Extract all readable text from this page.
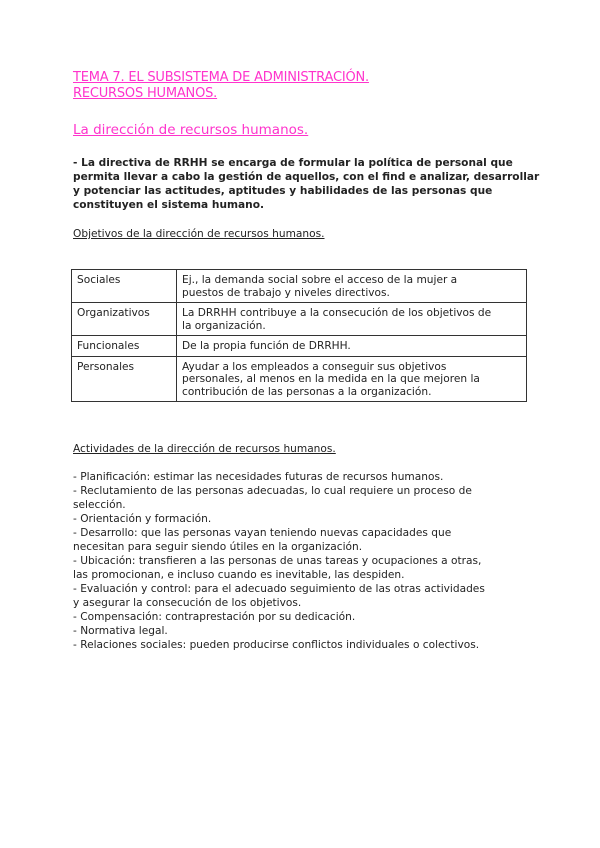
TEMA 7. EL SUBSISTEMA DE ADMINISTRACIÓN.
RECURSOS HUMANOS.
La dirección de recursos humanos.
- La directiva de RRHH se encarga de formular la política de personal que
permita llevar a cabo la gestión de aquellos, con el find e analizar, desarrollar
y potenciar las actitudes, aptitudes y habilidades de las personas que
constituyen el sistema humano.
Objetivos de la dirección de recursos humanos.
Sociales	Ej., la demanda social sobre el acceso de la mujer a
puestos de trabajo y niveles directivos.

Organizativos	La DRRHH contribuye a la consecución de los objetivos de
la organización.

Funcionales	De la propia función de DRRHH.

Personales	Ayudar a los empleados a conseguir sus objetivos
personales, al menos en la medida en la que mejoren la
contribución de las personas a la organización.
Actividades de la dirección de recursos humanos.
- Planificación: estimar las necesidades futuras de recursos humanos.
- Reclutamiento de las personas adecuadas, lo cual requiere un proceso de
selección.
- Orientación y formación.
- Desarrollo: que las personas vayan teniendo nuevas capacidades que
necesitan para seguir siendo útiles en la organización.
- Ubicación: transfieren a las personas de unas tareas y ocupaciones a otras,
las promocionan, e incluso cuando es inevitable, las despiden.
- Evaluación y control: para el adecuado seguimiento de las otras actividades
y asegurar la consecución de los objetivos.
- Compensación: contraprestación por su dedicación.
- Normativa legal.
- Relaciones sociales: pueden producirse conflictos individuales o colectivos.
